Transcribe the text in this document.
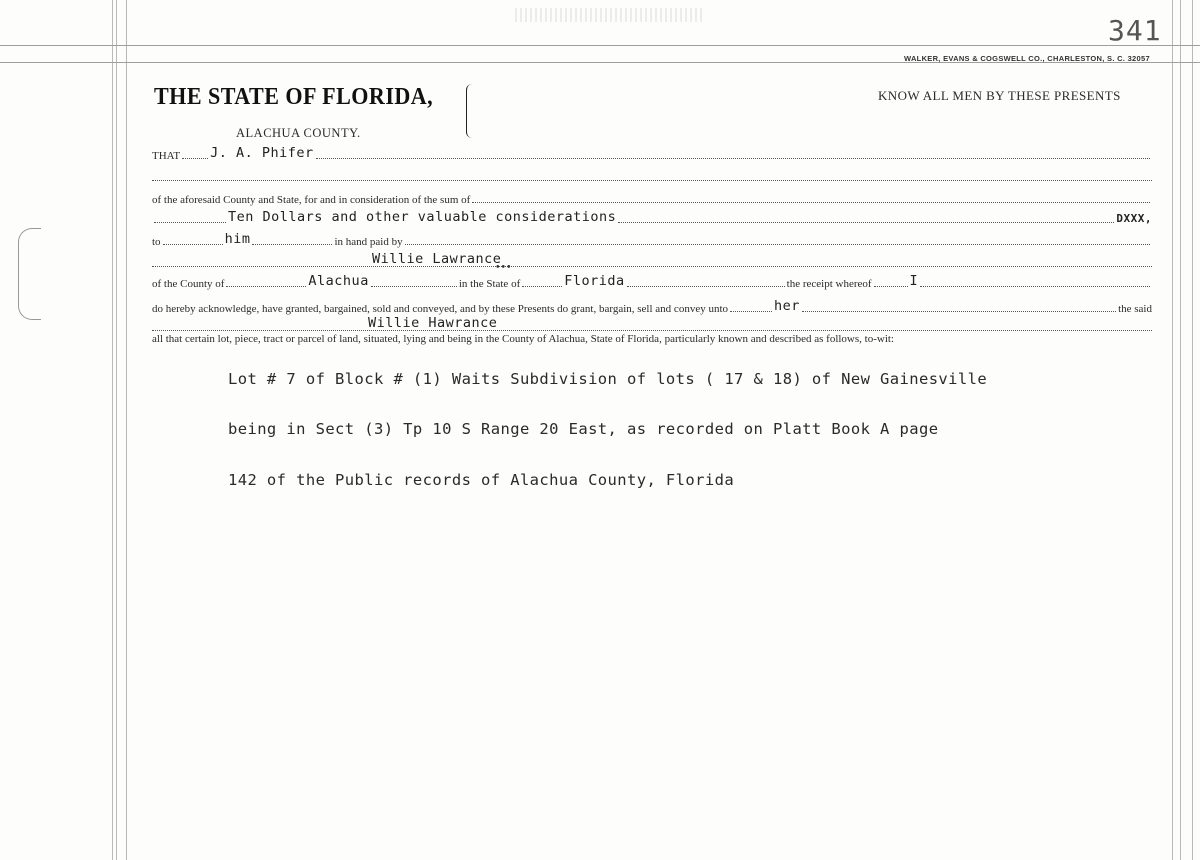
341
WALKER, EVANS & COGSWELL CO., CHARLESTON, S. C. 32057
THE STATE OF FLORIDA,	KNOW ALL MEN BY THESE PRESENTS
ALACHUA COUNTY.
THAT J. A. Phifer
of the aforesaid County and State, for and in consideration of the sum of
Ten Dollars and other valuable considerations	DXXX,
to	him	in hand paid by
Willie Lawrance
•••
of the County of	Alachua	in the State of	Florida	the receipt whereof	I
do hereby acknowledge, have granted, bargained, sold and conveyed, and by these Presents do grant, bargain, sell and convey unto	her	the said
Willie Hawrance
all that certain lot, piece, tract or parcel of land, situated, lying and being in the County of Alachua, State of Florida, particularly known and described as follows, to-wit:
Lot # 7 of Block # (1) Waits Subdivision of lots ( 17 & 18) of New Gainesville
being in Sect (3) Tp 10 S Range 20 East, as recorded on Platt Book A page
142 of the Public records of Alachua County, Florida
